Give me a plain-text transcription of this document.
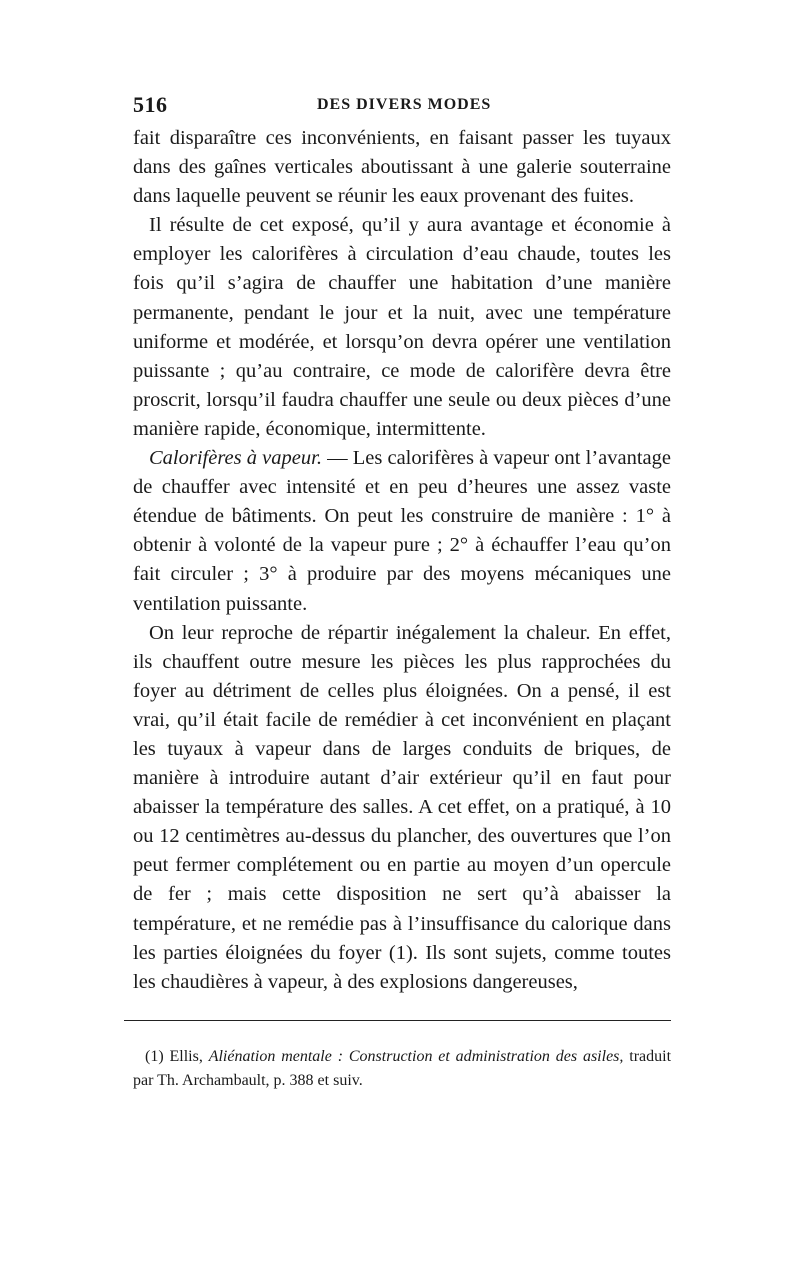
516	DES DIVERS MODES

fait disparaître ces inconvénients, en faisant passer les tuyaux dans des gaînes verticales aboutissant à une galerie souterraine dans laquelle peuvent se réunir les eaux provenant des fuites.

Il résulte de cet exposé, qu’il y aura avantage et économie à employer les calorifères à circulation d’eau chaude, toutes les fois qu’il s’agira de chauffer une habitation d’une manière permanente, pendant le jour et la nuit, avec une température uniforme et modérée, et lorsqu’on devra opérer une ventilation puissante ; qu’au contraire, ce mode de calorifère devra être proscrit, lorsqu’il faudra chauffer une seule ou deux pièces d’une manière rapide, économique, intermittente.

Calorifères à vapeur. — Les calorifères à vapeur ont l’avantage de chauffer avec intensité et en peu d’heures une assez vaste étendue de bâtiments. On peut les construire de manière : 1° à obtenir à volonté de la vapeur pure ; 2° à échauffer l’eau qu’on fait circuler ; 3° à produire par des moyens mécaniques une ventilation puissante.

On leur reproche de répartir inégalement la chaleur. En effet, ils chauffent outre mesure les pièces les plus rapprochées du foyer au détriment de celles plus éloignées. On a pensé, il est vrai, qu’il était facile de remédier à cet inconvénient en plaçant les tuyaux à vapeur dans de larges conduits de briques, de manière à introduire autant d’air extérieur qu’il en faut pour abaisser la température des salles. A cet effet, on a pratiqué, à 10 ou 12 centimètres au-dessus du plancher, des ouvertures que l’on peut fermer complétement ou en partie au moyen d’un opercule de fer ; mais cette disposition ne sert qu’à abaisser la température, et ne remédie pas à l’insuffisance du calorique dans les parties éloignées du foyer (1). Ils sont sujets, comme toutes les chaudières à vapeur, à des explosions dangereuses,

(1) Ellis, Aliénation mentale : Construction et administration des asiles, traduit par Th. Archambault, p. 388 et suiv.
